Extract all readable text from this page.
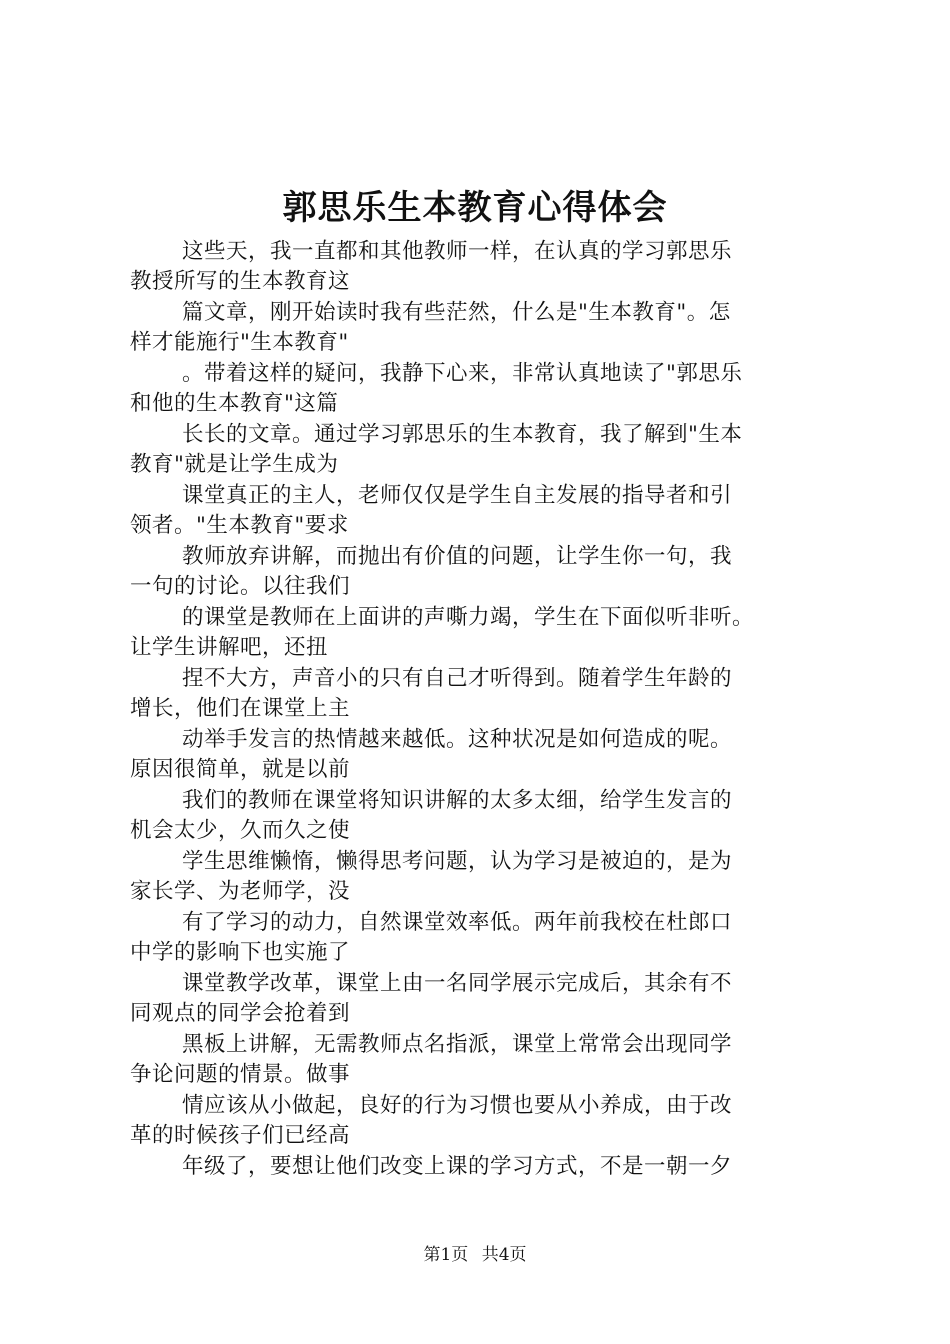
郭思乐生本教育心得体会

这些天，我一直都和其他教师一样，在认真的学习郭思乐
教授所写的生本教育这

篇文章，刚开始读时我有些茫然，什么是"生本教育"。怎
样才能施行"生本教育"

。带着这样的疑问，我静下心来，非常认真地读了"郭思乐
和他的生本教育"这篇

长长的文章。通过学习郭思乐的生本教育，我了解到"生本
教育"就是让学生成为

课堂真正的主人，老师仅仅是学生自主发展的指导者和引
领者。"生本教育"要求

教师放弃讲解，而抛出有价值的问题，让学生你一句，我
一句的讨论。以往我们

的课堂是教师在上面讲的声嘶力竭，学生在下面似听非听。
让学生讲解吧，还扭

捏不大方，声音小的只有自己才听得到。随着学生年龄的
增长，他们在课堂上主

动举手发言的热情越来越低。这种状况是如何造成的呢。
原因很简单，就是以前

我们的教师在课堂将知识讲解的太多太细，给学生发言的
机会太少，久而久之使

学生思维懒惰，懒得思考问题，认为学习是被迫的，是为
家长学、为老师学，没

有了学习的动力，自然课堂效率低。两年前我校在杜郎口
中学的影响下也实施了

课堂教学改革，课堂上由一名同学展示完成后，其余有不
同观点的同学会抢着到

黑板上讲解，无需教师点名指派，课堂上常常会出现同学
争论问题的情景。做事

情应该从小做起，良好的行为习惯也要从小养成，由于改
革的时候孩子们已经高

年级了，要想让他们改变上课的学习方式，不是一朝一夕

第1页 共4页
